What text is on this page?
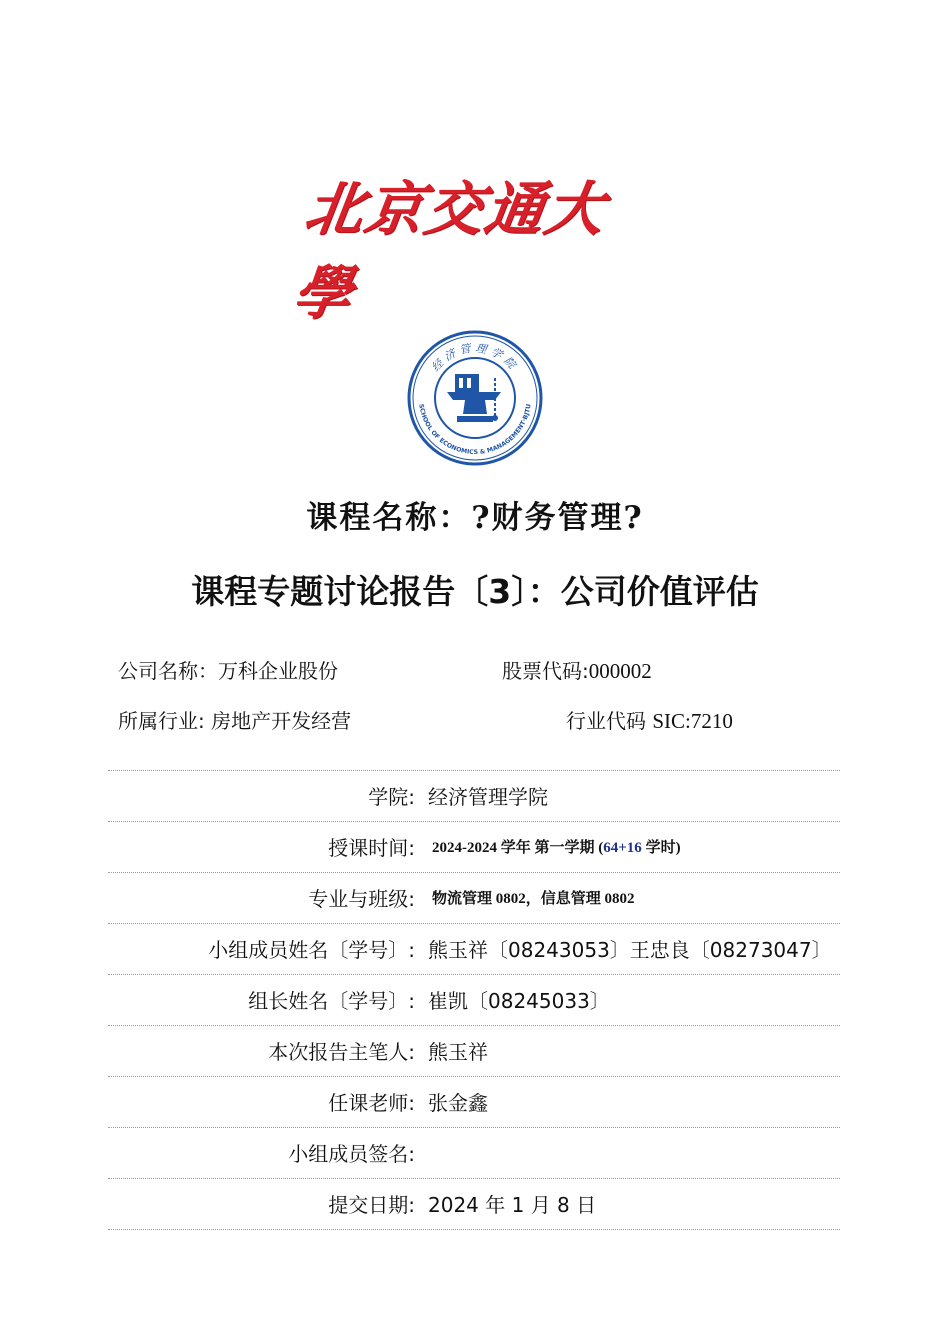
北京交通大學
经济管理学院
SCHOOL OF ECONOMICS & MANAGEMENT·BJTU
课程名称：?财务管理?
课程专题讨论报告〔3〕：公司价值评估
公司名称：万科企业股份	股票代码:000002
所属行业: 房地产开发经营	行业代码 SIC:7210
学院: 经济管理学院
授课时间: 2024-2024 学年 第一学期 (64+16 学时)
专业与班级: 物流管理 0802，信息管理 0802
小组成员姓名〔学号〕: 熊玉祥〔08243053〕王忠良〔08273047〕
组长姓名〔学号〕: 崔凯〔08245033〕
本次报告主笔人: 熊玉祥
任课老师: 张金鑫
小组成员签名:
提交日期: 2024 年 1 月 8 日
